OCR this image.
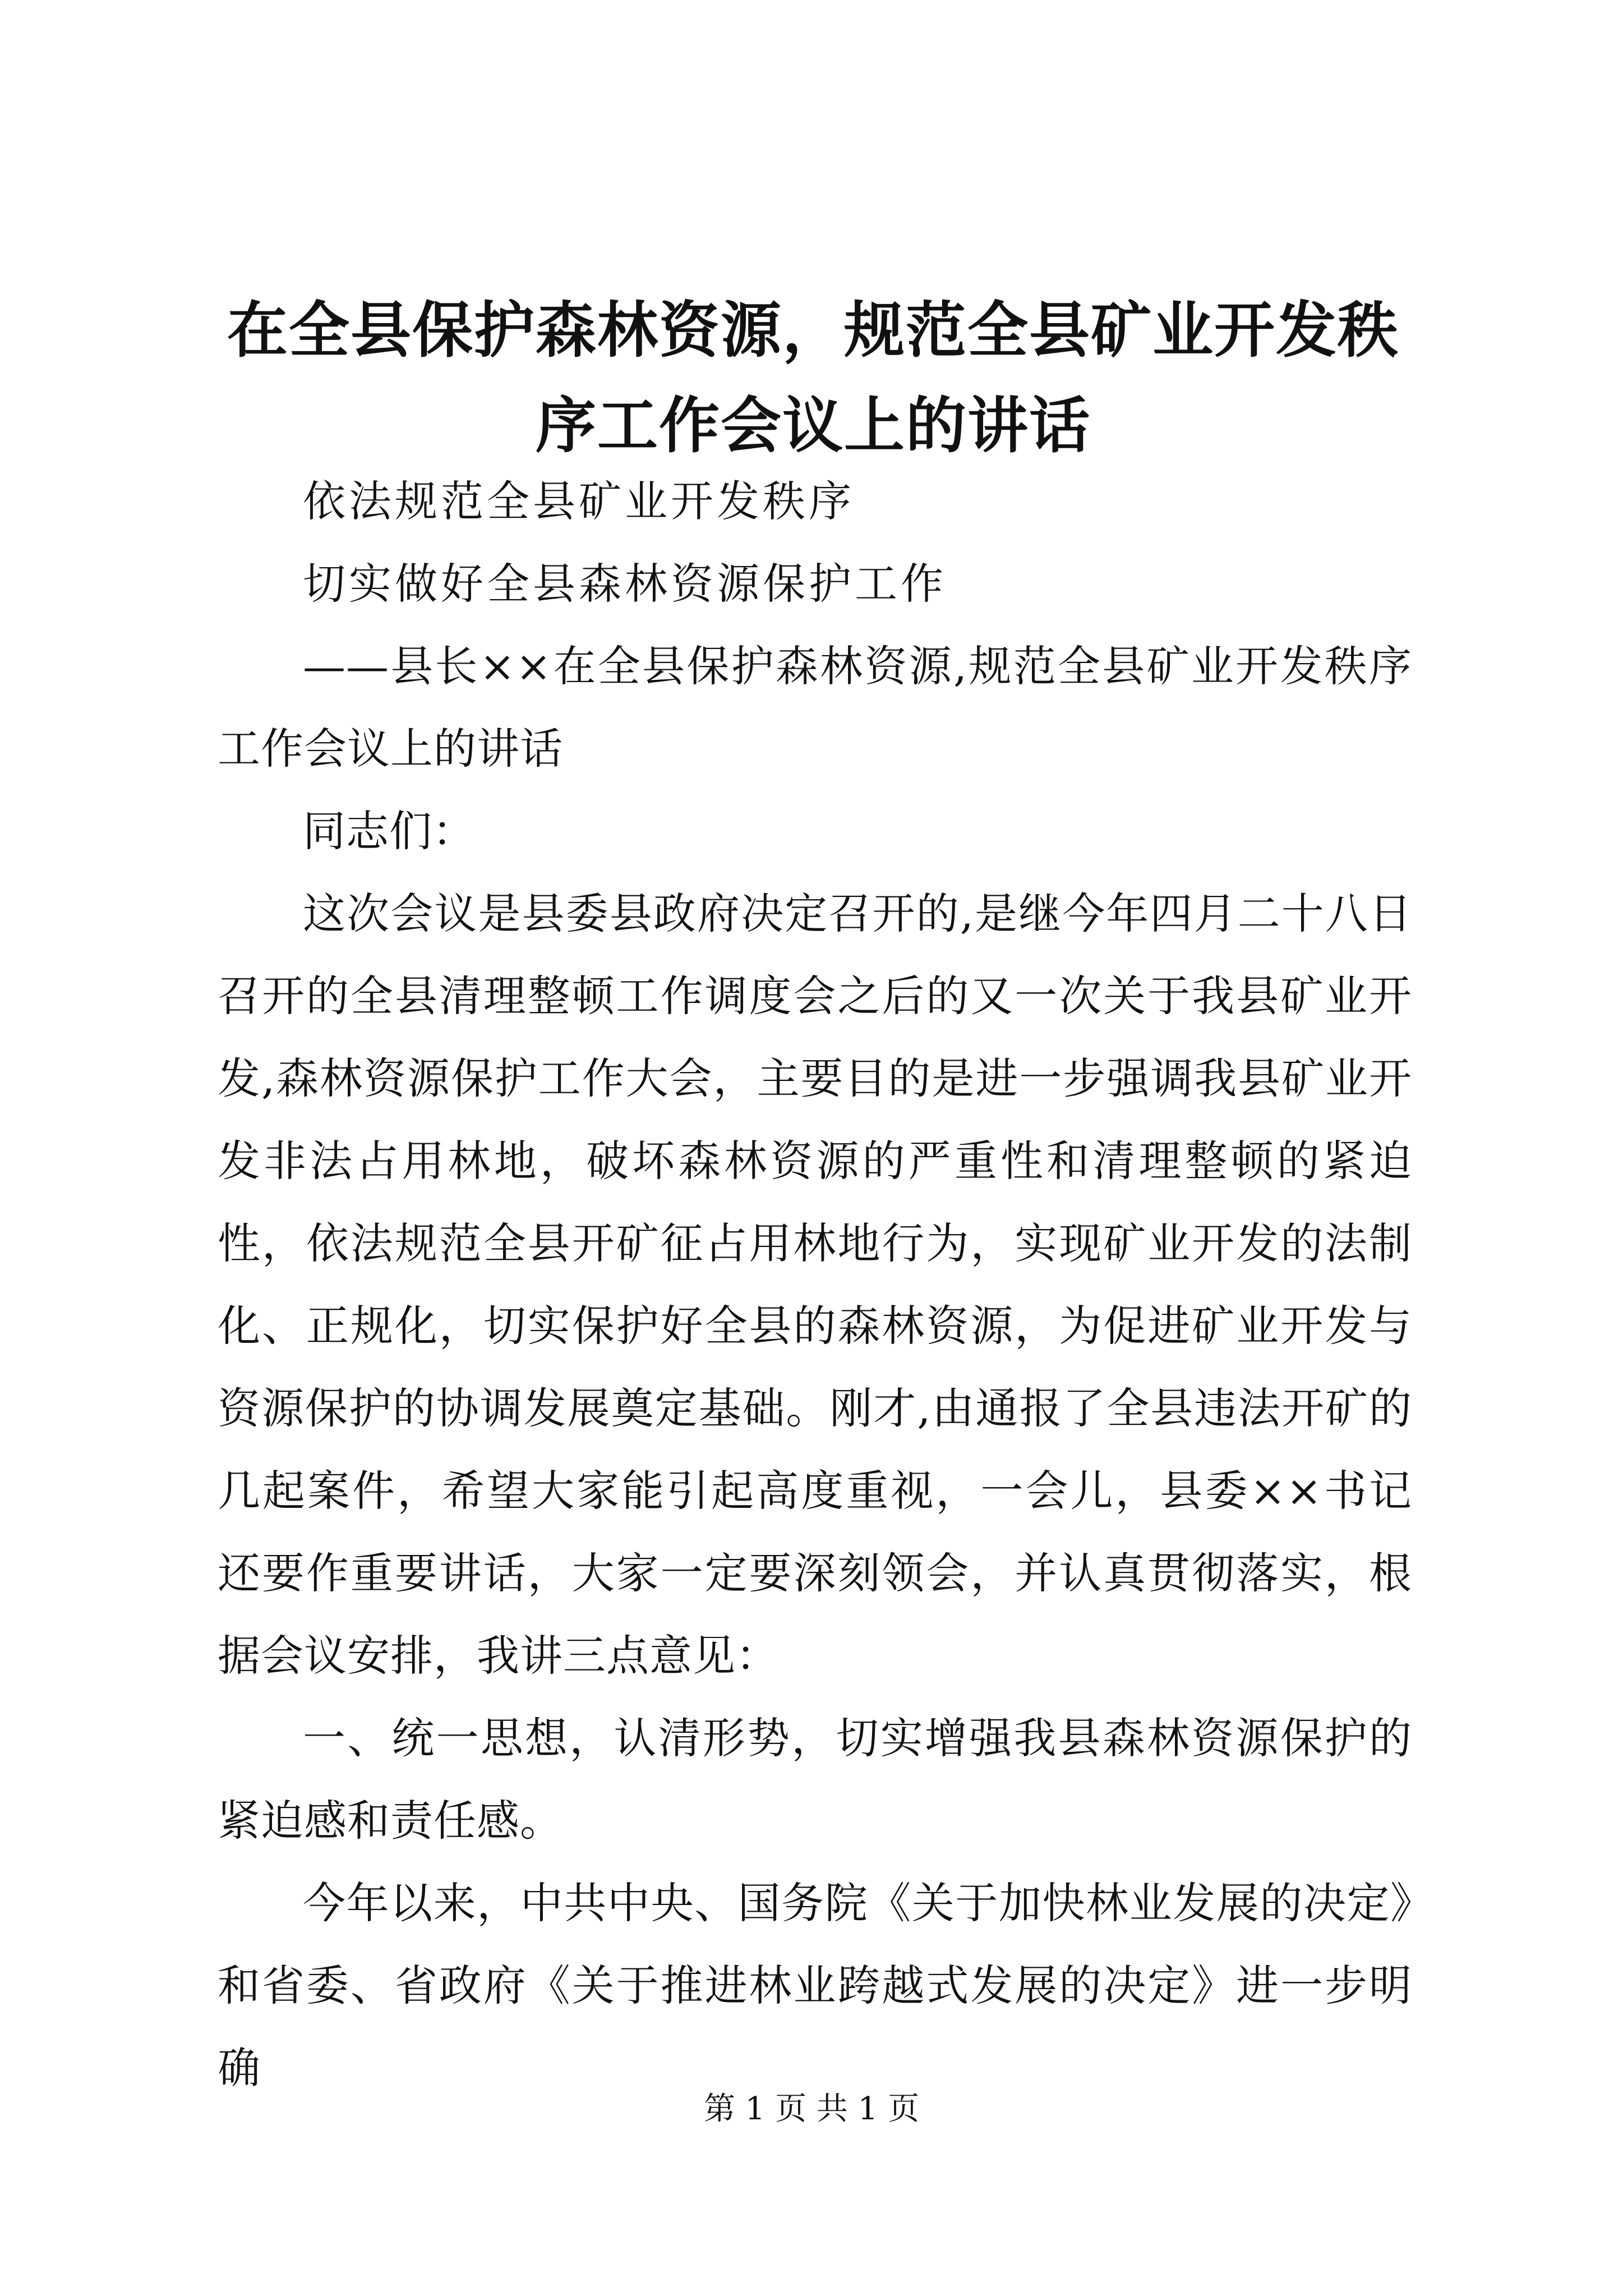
在全县保护森林资源，规范全县矿业开发秩序工作会议上的讲话

依法规范全县矿业开发秩序

切实做好全县森林资源保护工作

——县长××在全县保护森林资源,规范全县矿业开发秩序工作会议上的讲话

同志们：

这次会议是县委县政府决定召开的,是继今年四月二十八日召开的全县清理整顿工作调度会之后的又一次关于我县矿业开发,森林资源保护工作大会，主要目的是进一步强调我县矿业开发非法占用林地，破坏森林资源的严重性和清理整顿的紧迫性，依法规范全县开矿征占用林地行为，实现矿业开发的法制化、正规化，切实保护好全县的森林资源，为促进矿业开发与资源保护的协调发展奠定基础。刚才,由通报了全县违法开矿的几起案件，希望大家能引起高度重视，一会儿，县委××书记还要作重要讲话，大家一定要深刻领会，并认真贯彻落实，根据会议安排，我讲三点意见：

一、统一思想，认清形势，切实增强我县森林资源保护的紧迫感和责任感。

今年以来，中共中央、国务院《关于加快林业发展的决定》和省委、省政府《关于推进林业跨越式发展的决定》进一步明确

第 1 页 共 1 页
